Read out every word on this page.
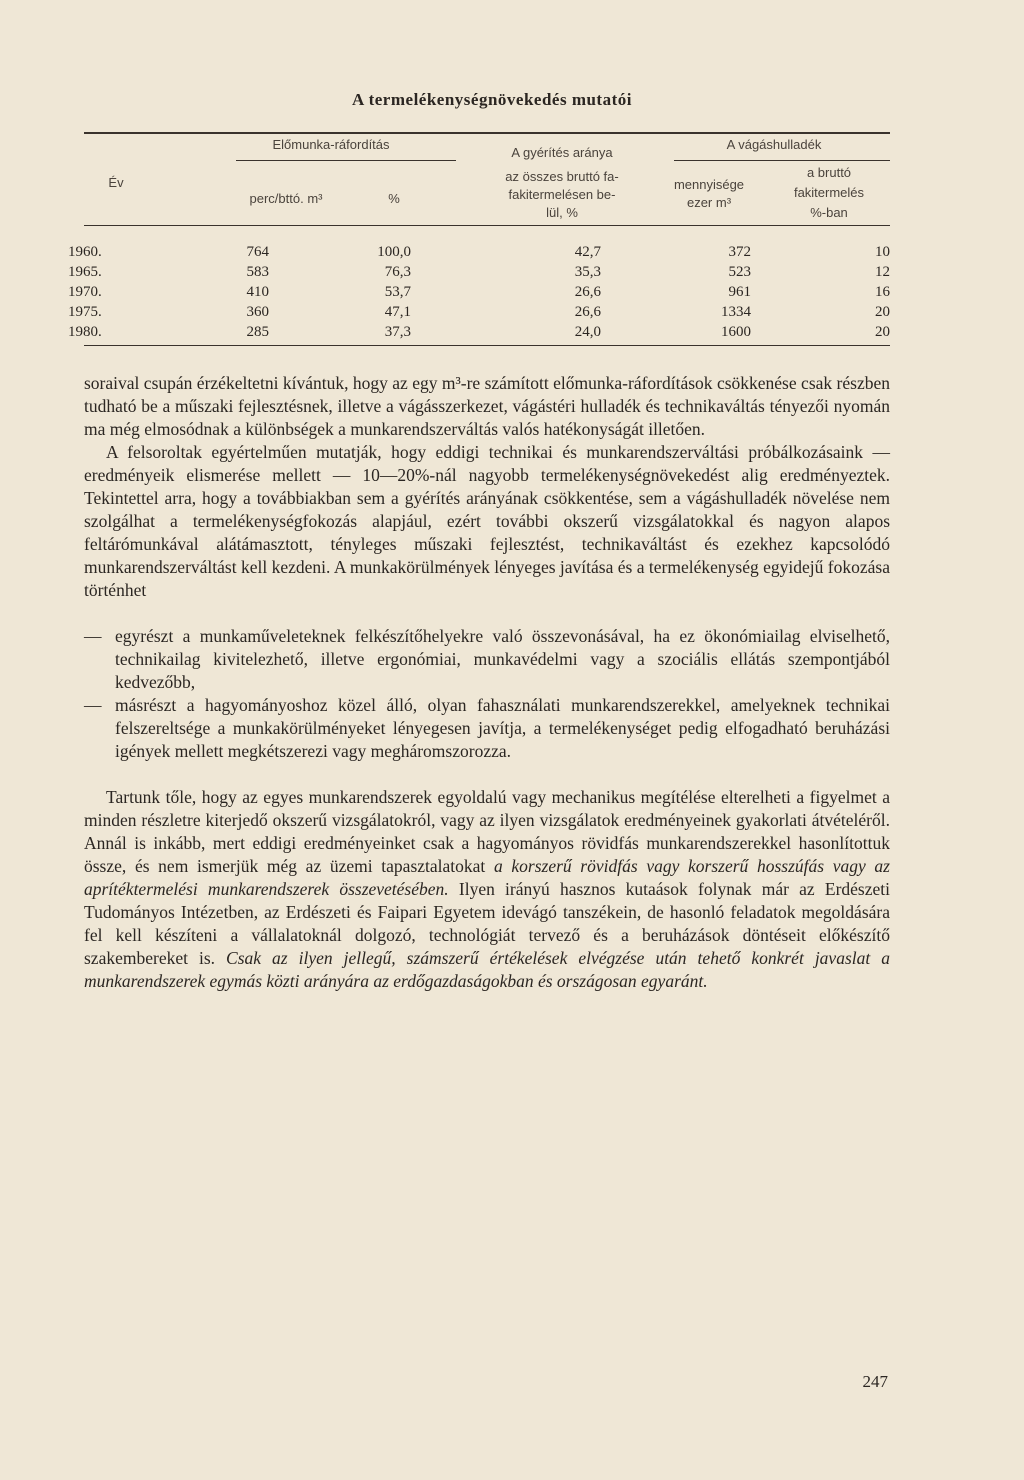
A termelékenységnövekedés mutatói
Év
Előmunka-ráfordítás
perc/bttó. m³	%
A gyérítés aránya
az összes bruttó fa-
fakitermelésen be-
lül, %
A vágáshulladék
mennyisége
ezer m³
a bruttó
fakitermelés
%-ban
1960.	764	100,0	42,7	372	10
1965.	583	76,3	35,3	523	12
1970.	410	53,7	26,6	961	16
1975.	360	47,1	26,6	1334	20
1980.	285	37,3	24,0	1600	20

soraival csupán érzékeltetni kívántuk, hogy az egy m³-re számított előmunka-ráfordítások csökkenése csak részben tudható be a műszaki fejlesztésnek, illetve a vágásszerkezet, vágástéri hulladék és technikaváltás tényezői nyomán ma még elmosódnak a különbségek a munkarendszerváltás valós hatékonyságát illetően.

A felsoroltak egyértelműen mutatják, hogy eddigi technikai és munkarendszerváltási próbálkozásaink — eredményeik elismerése mellett — 10—20%-nál nagyobb termelékenységnövekedést alig eredményeztek. Tekintettel arra, hogy a továbbiakban sem a gyérítés arányának csökkentése, sem a vágáshulladék növelése nem szolgálhat a termelékenységfokozás alapjául, ezért további okszerű vizsgálatokkal és nagyon alapos feltárómunkával alátámasztott, tényleges műszaki fejlesztést, technikaváltást és ezekhez kapcsolódó munkarendszerváltást kell kezdeni. A munkakörülmények lényeges javítása és a termelékenység egyidejű fokozása történhet

— egyrészt a munkaműveleteknek felkészítőhelyekre való összevonásával, ha ez ökonómiailag elviselhető, technikailag kivitelezhető, illetve ergonómiai, munkavédelmi vagy a szociális ellátás szempontjából kedvezőbb,
— másrészt a hagyományoshoz közel álló, olyan fahasználati munkarendszerekkel, amelyeknek technikai felszereltsége a munkakörülményeket lényegesen javítja, a termelékenységet pedig elfogadható beruházási igények mellett megkétszerezi vagy megháromszorozza.

Tartunk tőle, hogy az egyes munkarendszerek egyoldalú vagy mechanikus megítélése elterelheti a figyelmet a minden részletre kiterjedő okszerű vizsgálatokról, vagy az ilyen vizsgálatok eredményeinek gyakorlati átvételéről. Annál is inkább, mert eddigi eredményeinket csak a hagyományos rövidfás munkarendszerekkel hasonlítottuk össze, és nem ismerjük még az üzemi tapasztalatokat a korszerű rövidfás vagy korszerű hosszúfás vagy az aprítéktermelési munkarendszerek összevetésében. Ilyen irányú hasznos kutaások folynak már az Erdészeti Tudományos Intézetben, az Erdészeti és Faipari Egyetem idevágó tanszékein, de hasonló feladatok megoldására fel kell készíteni a vállalatoknál dolgozó, technológiát tervező és a beruházások döntéseit előkészítő szakembereket is. Csak az ilyen jellegű, számszerű értékelések elvégzése után tehető konkrét javaslat a munkarendszerek egymás közti arányára az erdőgazdaságokban és országosan egyaránt.

247
